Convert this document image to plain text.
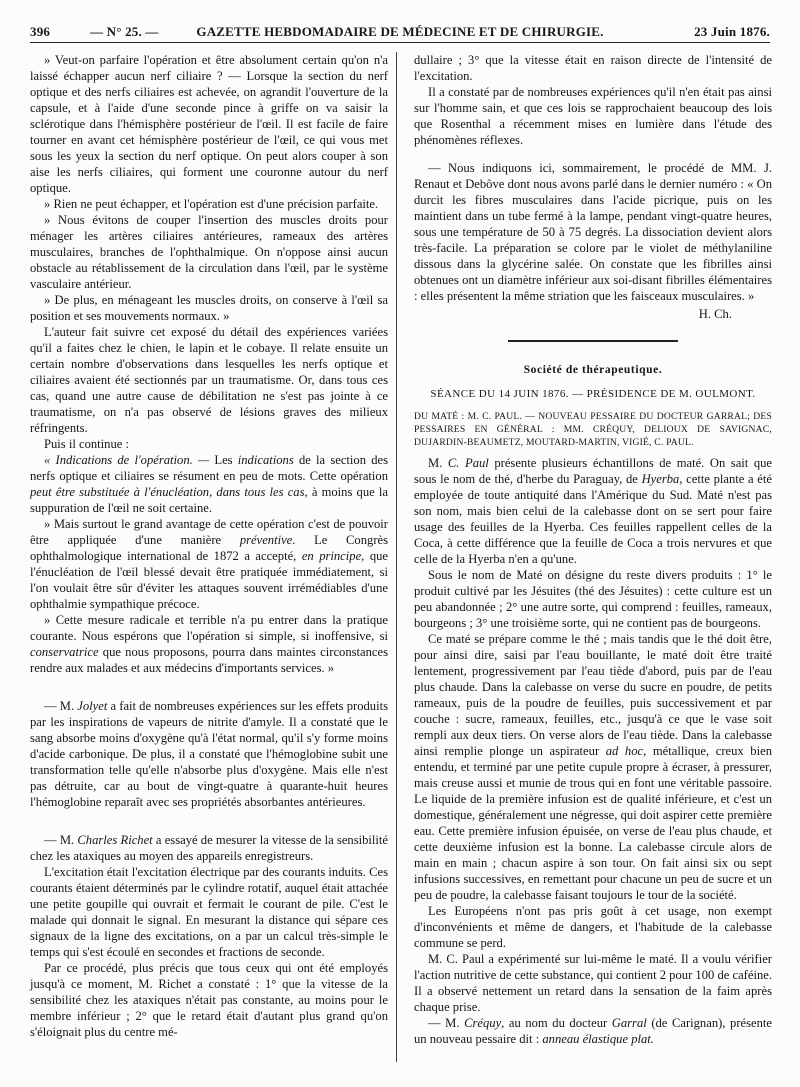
396	— N° 25. —	GAZETTE HEBDOMADAIRE DE MÉDECINE ET DE CHIRURGIE.	23 Juin 1876.

» Veut-on parfaire l'opération et être absolument certain qu'on n'a laissé échapper aucun nerf ciliaire ? — Lorsque la section du nerf optique et des nerfs ciliaires est achevée, on agrandit l'ouverture de la capsule, et à l'aide d'une seconde pince à griffe on va saisir la sclérotique dans l'hémisphère postérieur de l'œil. Il est facile de faire tourner en avant cet hémisphère postérieur de l'œil, ce qui vous met sous les yeux la section du nerf optique. On peut alors couper à son aise les nerfs ciliaires, qui forment une couronne autour du nerf optique.

» Rien ne peut échapper, et l'opération est d'une précision parfaite.

» Nous évitons de couper l'insertion des muscles droits pour ménager les artères ciliaires antérieures, rameaux des artères musculaires, branches de l'ophthalmique. On n'oppose ainsi aucun obstacle au rétablissement de la circulation dans l'œil, par le système vasculaire antérieur.

» De plus, en ménageant les muscles droits, on conserve à l'œil sa position et ses mouvements normaux. »

L'auteur fait suivre cet exposé du détail des expériences variées qu'il a faites chez le chien, le lapin et le cobaye. Il relate ensuite un certain nombre d'observations dans lesquelles les nerfs optique et ciliaires avaient été sectionnés par un traumatisme. Or, dans tous ces cas, quand une autre cause de débilitation ne s'est pas jointe à ce traumatisme, on n'a pas observé de lésions graves des milieux réfringents.

Puis il continue :

« Indications de l'opération. — Les indications de la section des nerfs optique et ciliaires se résument en peu de mots. Cette opération peut être substituée à l'énucléation, dans tous les cas, à moins que la suppuration de l'œil ne soit certaine.

» Mais surtout le grand avantage de cette opération c'est de pouvoir être appliquée d'une manière préventive. Le Congrès ophthalmologique international de 1872 a accepté, en principe, que l'énucléation de l'œil blessé devait être pratiquée immédiatement, si l'on voulait être sûr d'éviter les attaques souvent irrémédiables d'une ophthalmie sympathique précoce.

» Cette mesure radicale et terrible n'a pu entrer dans la pratique courante. Nous espérons que l'opération si simple, si inoffensive, si conservatrice que nous proposons, pourra dans maintes circonstances rendre aux malades et aux médecins d'importants services. »

— M. Jolyet a fait de nombreuses expériences sur les effets produits par les inspirations de vapeurs de nitrite d'amyle. Il a constaté que le sang absorbe moins d'oxygène qu'à l'état normal, qu'il s'y forme moins d'acide carbonique. De plus, il a constaté que l'hémoglobine subit une transformation telle qu'elle n'absorbe plus d'oxygène. Mais elle n'est pas détruite, car au bout de vingt-quatre à quarante-huit heures l'hémoglobine reparaît avec ses propriétés absorbantes antérieures.

— M. Charles Richet a essayé de mesurer la vitesse de la sensibilité chez les ataxiques au moyen des appareils enregistreurs.

L'excitation était l'excitation électrique par des courants induits. Ces courants étaient déterminés par le cylindre rotatif, auquel était attachée une petite goupille qui ouvrait et fermait le courant de pile. C'est le malade qui donnait le signal. En mesurant la distance qui sépare ces signaux de la ligne des excitations, on a par un calcul très-simple le temps qui s'est écoulé en secondes et fractions de seconde.

Par ce procédé, plus précis que tous ceux qui ont été employés jusqu'à ce moment, M. Richet a constaté : 1° que la vitesse de la sensibilité chez les ataxiques n'était pas constante, au moins pour le membre inférieur ; 2° que le retard était d'autant plus grand qu'on s'éloignait plus du centre mé-

dullaire ; 3° que la vitesse était en raison directe de l'intensité de l'excitation.

Il a constaté par de nombreuses expériences qu'il n'en était pas ainsi sur l'homme sain, et que ces lois se rapprochaient beaucoup des lois que Rosenthal a récemment mises en lumière dans l'étude des phénomènes réflexes.

— Nous indiquons ici, sommairement, le procédé de MM. J. Renaut et Debôve dont nous avons parlé dans le dernier numéro : « On durcit les fibres musculaires dans l'acide picrique, puis on les maintient dans un tube fermé à la lampe, pendant vingt-quatre heures, sous une température de 50 à 75 degrés. La dissociation devient alors très-facile. La préparation se colore par le violet de méthylaniline dissous dans la glycérine salée. On constate que les fibrilles ainsi obtenues ont un diamètre inférieur aux soi-disant fibrilles élémentaires : elles présentent la même striation que les faisceaux musculaires. »

H. Ch.
Société de thérapeutique.
SÉANCE DU 14 JUIN 1876. — PRÉSIDENCE DE M. OULMONT.
DU MATÉ : M. C. PAUL. — NOUVEAU PESSAIRE DU DOCTEUR GARRAL; DES PESSAIRES EN GÉNÉRAL : MM. CRÉQUY, DELIOUX DE SAVIGNAC, DUJARDIN-BEAUMETZ, MOUTARD-MARTIN, VIGIÉ, C. PAUL.

M. C. Paul présente plusieurs échantillons de maté. On sait que sous le nom de thé, d'herbe du Paraguay, de Hyerba, cette plante a été employée de toute antiquité dans l'Amérique du Sud. Maté n'est pas son nom, mais bien celui de la calebasse dont on se sert pour faire usage des feuilles de la Hyerba. Ces feuilles rappellent celles de la Coca, à cette différence que la feuille de Coca a trois nervures et que celle de la Hyerba n'en a qu'une.

Sous le nom de Maté on désigne du reste divers produits : 1° le produit cultivé par les Jésuites (thé des Jésuites) : cette culture est un peu abandonnée ; 2° une autre sorte, qui comprend : feuilles, rameaux, bourgeons ; 3° une troisième sorte, qui ne contient pas de bourgeons.

Ce maté se prépare comme le thé ; mais tandis que le thé doit être, pour ainsi dire, saisi par l'eau bouillante, le maté doit être traité lentement, progressivement par l'eau tiède d'abord, puis par de l'eau plus chaude. Dans la calebasse on verse du sucre en poudre, de petits rameaux, puis de la poudre de feuilles, puis successivement et par couche : sucre, rameaux, feuilles, etc., jusqu'à ce que le vase soit rempli aux deux tiers. On verse alors de l'eau tiède. Dans la calebasse ainsi remplie plonge un aspirateur ad hoc, métallique, creux bien entendu, et terminé par une petite cupule propre à écraser, à pressurer, mais creuse aussi et munie de trous qui en font une véritable passoire. Le liquide de la première infusion est de qualité inférieure, et c'est un domestique, généralement une négresse, qui doit aspirer cette première eau. Cette première infusion épuisée, on verse de l'eau plus chaude, et cette deuxième infusion est la bonne. La calebasse circule alors de main en main ; chacun aspire à son tour. On fait ainsi six ou sept infusions successives, en remettant pour chacune un peu de sucre et un peu de poudre, la calebasse faisant toujours le tour de la société.

Les Européens n'ont pas pris goût à cet usage, non exempt d'inconvénients et même de dangers, et l'habitude de la calebasse commune se perd.

M. C. Paul a expérimenté sur lui-même le maté. Il a voulu vérifier l'action nutritive de cette substance, qui contient 2 pour 100 de caféine. Il a observé nettement un retard dans la sensation de la faim après chaque prise.

— M. Créquy, au nom du docteur Garral (de Carignan), présente un nouveau pessaire dit : anneau élastique plat.
